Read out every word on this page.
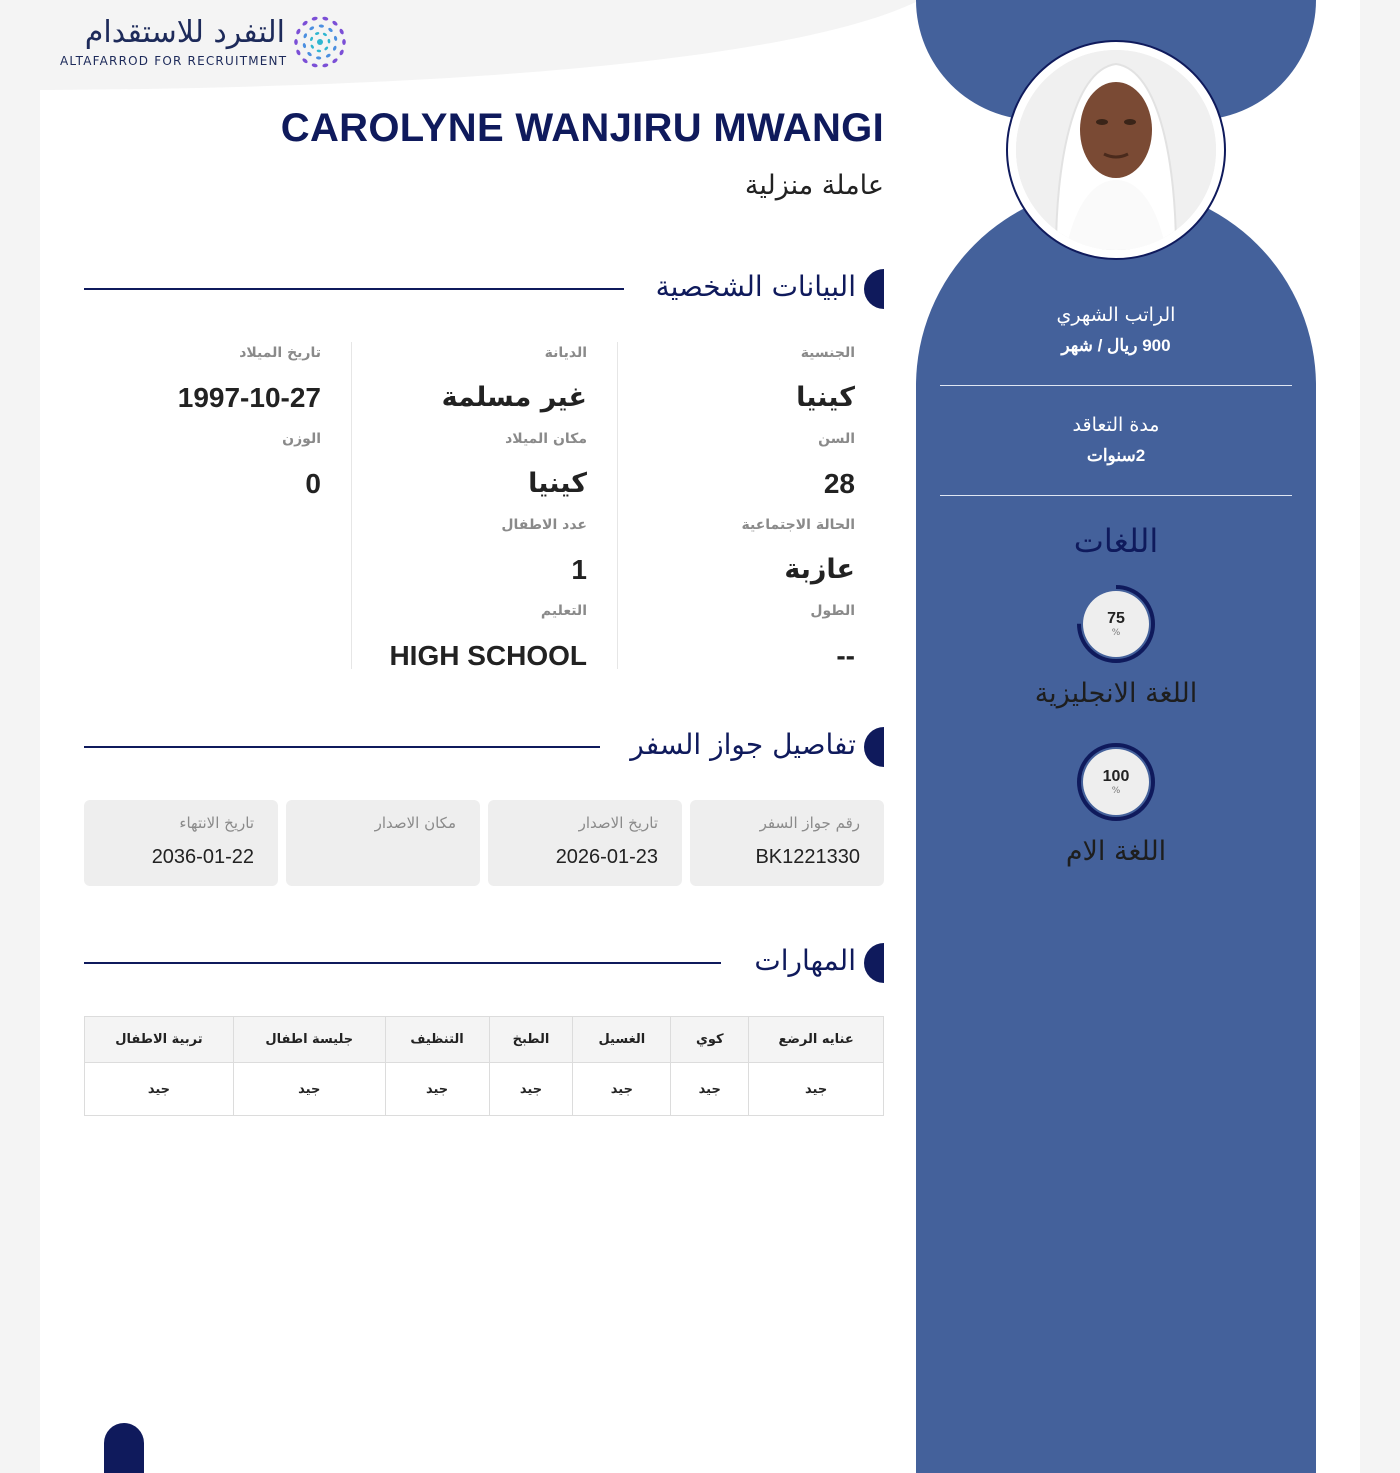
التفرد للاستقدام
ALTAFARROD FOR RECRUITMENT
الراتب الشهري
900 ريال / شهر
مدة التعاقد
2سنوات
اللغات
75
%
اللغة الانجليزية
100
%
اللغة الام
CAROLYNE WANJIRU MWANGI
عاملة منزلية
البيانات الشخصية
الجنسية
كينيا
السن
28
الحالة الاجتماعية
عازبة
الطول
--
الديانة
غير مسلمة
مكان الميلاد
كينيا
عدد الاطفال
1
التعليم
HIGH SCHOOL
تاريخ الميلاد
1997-10-27
الوزن
0
تفاصيل جواز السفر
رقم جواز السفر
BK1221330
تاريخ الاصدار
2026-01-23
مكان الاصدار
تاريخ الانتهاء
2036-01-22
المهارات
عنايه الرضع	كوي	الغسيل	الطبخ	التنظيف	جليسة اطفال	تربية الاطفال
جيد	جيد	جيد	جيد	جيد	جيد	جيد
